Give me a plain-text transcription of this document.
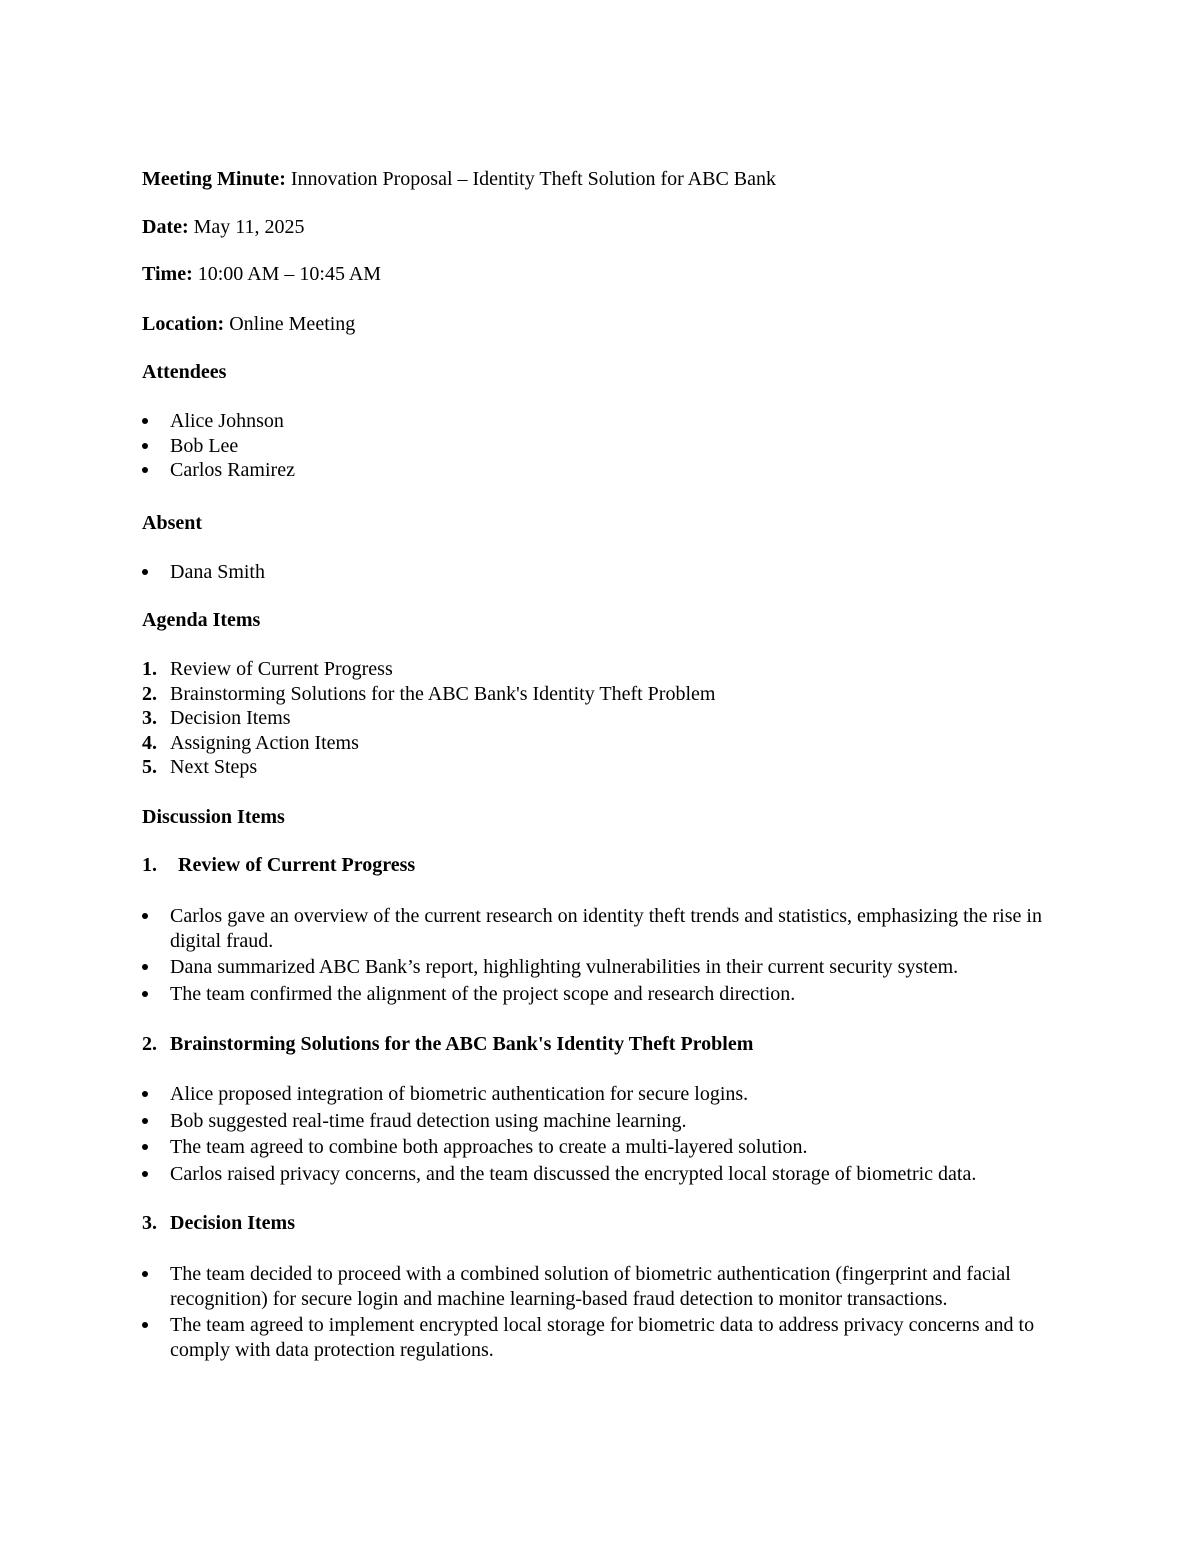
Meeting Minute: Innovation Proposal – Identity Theft Solution for ABC Bank
Date: May 11, 2025
Time: 10:00 AM – 10:45 AM
Location: Online Meeting
Attendees
Alice Johnson
Bob Lee
Carlos Ramirez
Absent
Dana Smith
Agenda Items
1. Review of Current Progress
2. Brainstorming Solutions for the ABC Bank's Identity Theft Problem
3. Decision Items
4. Assigning Action Items
5. Next Steps
Discussion Items
1. Review of Current Progress
Carlos gave an overview of the current research on identity theft trends and statistics, emphasizing the rise in digital fraud.
Dana summarized ABC Bank’s report, highlighting vulnerabilities in their current security system.
The team confirmed the alignment of the project scope and research direction.
2. Brainstorming Solutions for the ABC Bank's Identity Theft Problem
Alice proposed integration of biometric authentication for secure logins.
Bob suggested real-time fraud detection using machine learning.
The team agreed to combine both approaches to create a multi-layered solution.
Carlos raised privacy concerns, and the team discussed the encrypted local storage of biometric data.
3. Decision Items
The team decided to proceed with a combined solution of biometric authentication (fingerprint and facial recognition) for secure login and machine learning-based fraud detection to monitor transactions.
The team agreed to implement encrypted local storage for biometric data to address privacy concerns and to comply with data protection regulations.
